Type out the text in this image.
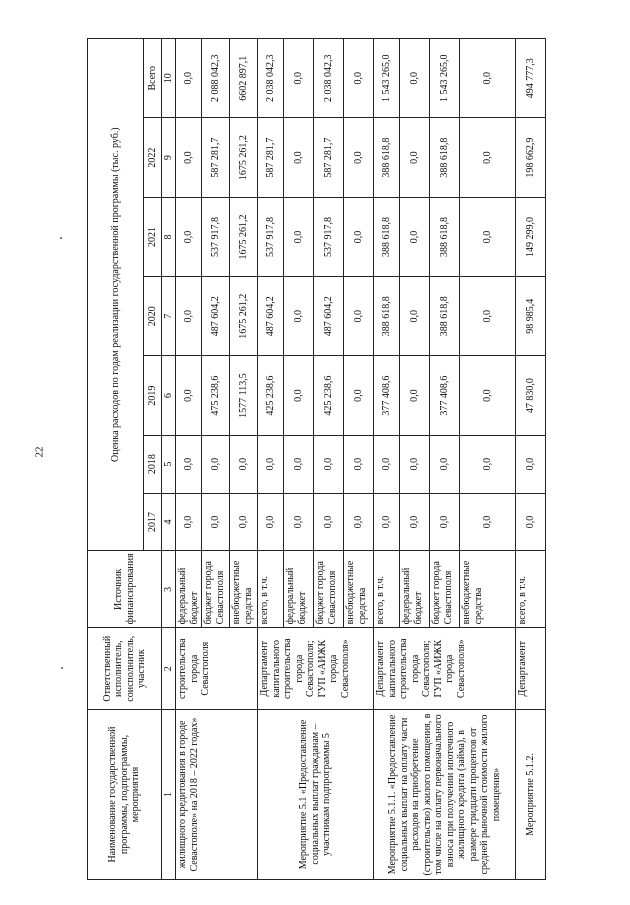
22
Наименование государственной программы, подпрограммы, мероприятия	Ответственный исполнитель, соисполнитель, участник	Источник финансирования	Оценка расходов по годам реализации государственной программы (тыс. руб.)						
			2017	2018	2019	2020	2021	2022	Всего
1	2	3	4	5	6	7	8	9	10
жилищного кредитования в городе Севастополе» на 2018 – 2022 годах»	строительства города Севастополя	федеральный бюджет	0,0	0,0	0,0	0,0	0,0	0,0	0,0
		бюджет города Севастополя	0,0	0,0	475 238,6	487 604,2	537 917,8	587 281,7	2 088 042,3
		внебюджетные средства	0,0	0,0	1577 113,5	1675 261,2	1675 261,2	1675 261,2	6602 897,1
Мероприятие 5.1 «Предоставление социальных выплат гражданам – участникам подпрограммы 5	Департамент капитального строительства города Севастополя; ГУП «АИЖК города Севастополя»	всего, в т.ч.	0,0	0,0	425 238,6	487 604,2	537 917,8	587 281,7	2 038 042,3
		федеральный бюджет	0,0	0,0	0,0	0,0	0,0	0,0	0,0
		бюджет города Севастополя	0,0	0,0	425 238,6	487 604,2	537 917,8	587 281,7	2 038 042,3
		внебюджетные средства	0,0	0,0	0,0	0,0	0,0	0,0	0,0
Мероприятие 5.1.1. «Предоставление социальных выплат на оплату части расходов на приобретение (строительство) жилого помещения, в том числе на оплату первоначального взноса при получении ипотечного жилищного кредита (займа), в размере тридцати процентов от средней рыночной стоимости жилого помещения»	Департамент капитального строительства города Севастополя; ГУП «АИЖК города Севастополя»	всего, в т.ч.	0,0	0,0	377 408,6	388 618,8	388 618,8	388 618,8	1 543 265,0
		федеральный бюджет	0,0	0,0	0,0	0,0	0,0	0,0	0,0
		бюджет города Севастополя	0,0	0,0	377 408,6	388 618,8	388 618,8	388 618,8	1 543 265,0
		внебюджетные средства	0,0	0,0	0,0	0,0	0,0	0,0	0,0
Мероприятие 5.1.2.	Департамент	всего, в т.ч.	0,0	0,0	47 830,0	98 985,4	149 299,0	198 662,9	494 777,3
